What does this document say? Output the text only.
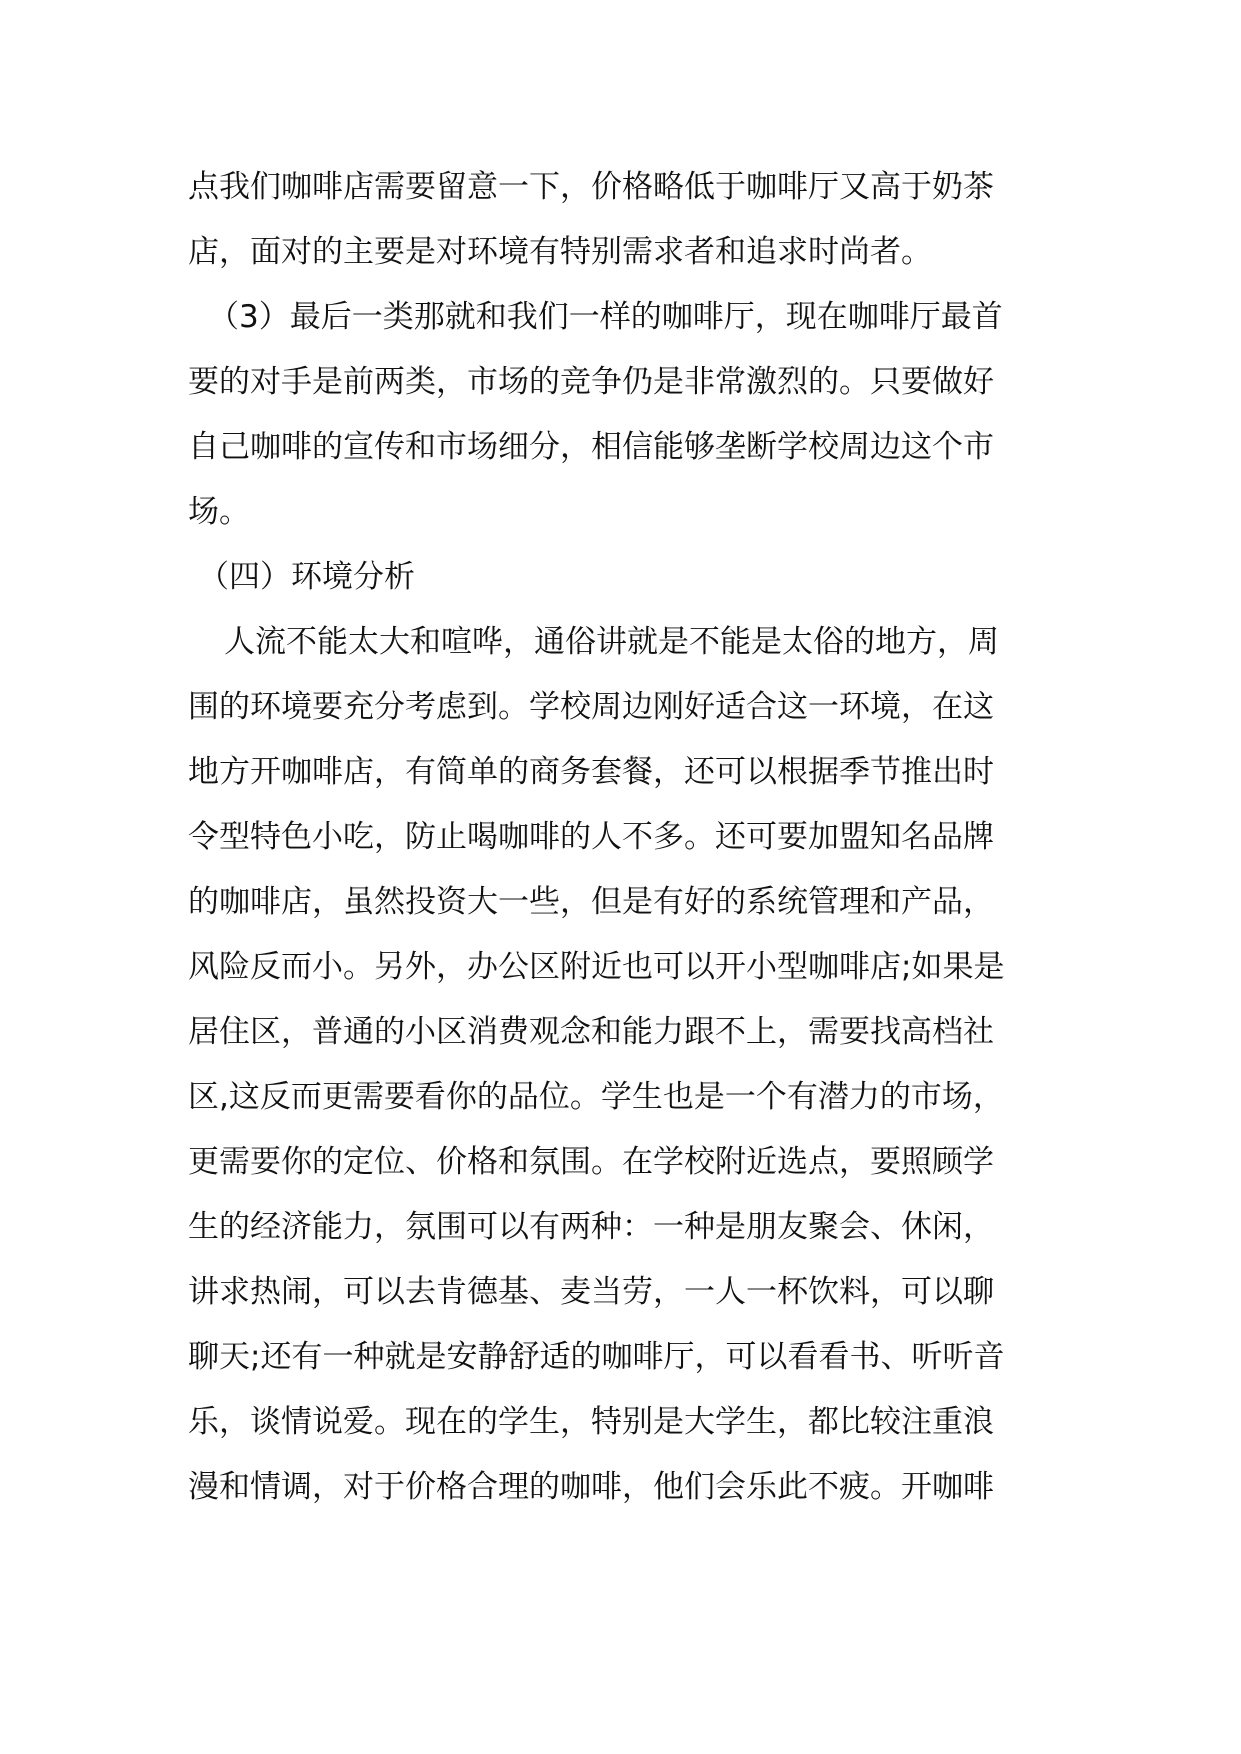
点我们咖啡店需要留意一下，价格略低于咖啡厅又高于奶茶
店，面对的主要是对环境有特别需求者和追求时尚者。
（3）最后一类那就和我们一样的咖啡厅，现在咖啡厅最首
要的对手是前两类，市场的竞争仍是非常激烈的。只要做好
自己咖啡的宣传和市场细分，相信能够垄断学校周边这个市
场。
（四）环境分析
人流不能太大和喧哗，通俗讲就是不能是太俗的地方，周
围的环境要充分考虑到。学校周边刚好适合这一环境，在这
地方开咖啡店，有简单的商务套餐，还可以根据季节推出时
令型特色小吃，防止喝咖啡的人不多。还可要加盟知名品牌
的咖啡店，虽然投资大一些，但是有好的系统管理和产品，
风险反而小。另外，办公区附近也可以开小型咖啡店;如果是
居住区，普通的小区消费观念和能力跟不上，需要找高档社
区,这反而更需要看你的品位。学生也是一个有潜力的市场，
更需要你的定位、价格和氛围。在学校附近选点，要照顾学
生的经济能力，氛围可以有两种：一种是朋友聚会、休闲，
讲求热闹，可以去肯德基、麦当劳，一人一杯饮料，可以聊
聊天;还有一种就是安静舒适的咖啡厅，可以看看书、听听音
乐，谈情说爱。现在的学生，特别是大学生，都比较注重浪
漫和情调，对于价格合理的咖啡，他们会乐此不疲。开咖啡
